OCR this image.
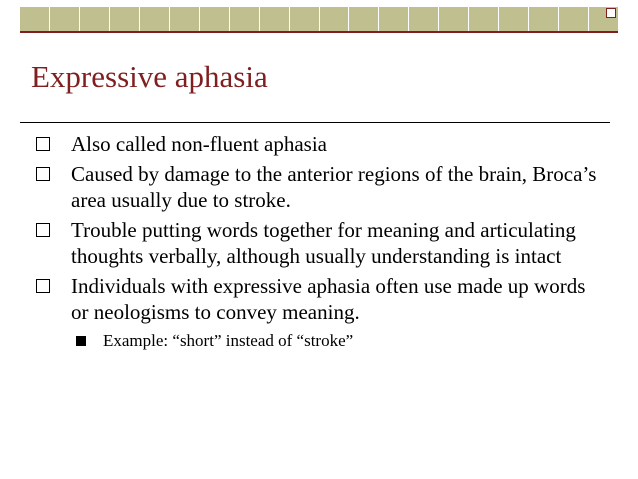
Expressive aphasia
Also called non-fluent aphasia
Caused by damage to the anterior regions of the brain, Broca’s area usually due to stroke.
Trouble putting words together for meaning and articulating thoughts verbally, although usually understanding is intact
Individuals with expressive aphasia often use made up words or neologisms to convey meaning.
Example: “short” instead of “stroke”
